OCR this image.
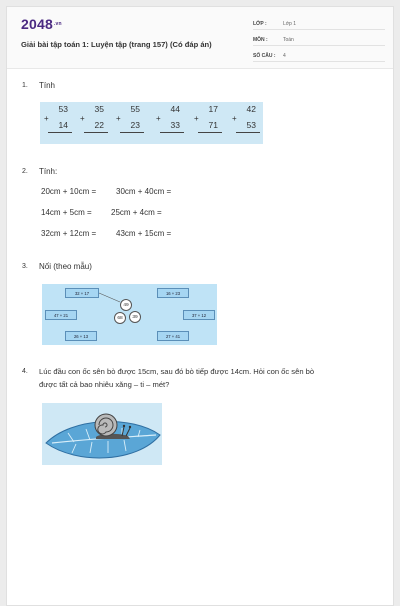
$2048^{.vn}$
Giải bài tập toán 1: Luyện tập (trang 157) (Có đáp án)
LỚP :	Lớp 1
MÔN :	Toán
SỐ CÂU :	4
1. Tính
53
+
14
35
+
22
55
+
23
44
+
33
17
+
71
42
+
53
2. Tính:
20cm + 10cm = 30cm + 40cm =
14cm + 5cm = 25cm + 4cm =
32cm + 12cm = 43cm + 15cm =
3. Nối (theo mẫu)
32 + 17	16 + 23
47 + 21	37 + 12
26 + 13	27 + 41
49
68	39
4. Lúc đầu con ốc sên bò được 15cm, sau đó bò tiếp được 14cm. Hỏi con ốc sên bò
được tất cả bao nhiêu xăng – ti – mét?
